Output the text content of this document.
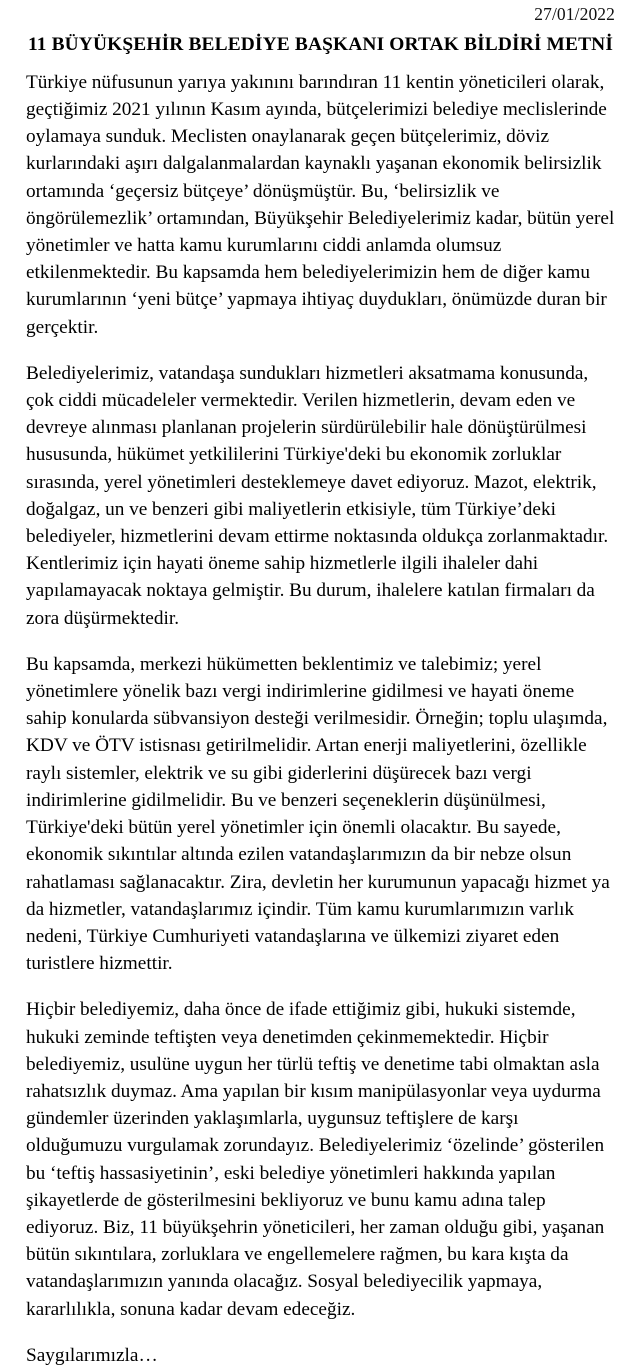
27/01/2022
11 BÜYÜKŞEHİR BELEDİYE BAŞKANI ORTAK BİLDİRİ METNİ

Türkiye nüfusunun yarıya yakınını barındıran 11 kentin yöneticileri olarak, geçtiğimiz 2021 yılının Kasım ayında, bütçelerimizi belediye meclislerinde oylamaya sunduk. Meclisten onaylanarak geçen bütçelerimiz, döviz kurlarındaki aşırı dalgalanmalardan kaynaklı yaşanan ekonomik belirsizlik ortamında ‘geçersiz bütçeye’ dönüşmüştür. Bu, ‘belirsizlik ve öngörülemezlik’ ortamından, Büyükşehir Belediyelerimiz kadar, bütün yerel yönetimler ve hatta kamu kurumlarını ciddi anlamda olumsuz etkilenmektedir. Bu kapsamda hem belediyelerimizin hem de diğer kamu kurumlarının ‘yeni bütçe’ yapmaya ihtiyaç duydukları, önümüzde duran bir gerçektir.

Belediyelerimiz, vatandaşa sundukları hizmetleri aksatmama konusunda, çok ciddi mücadeleler vermektedir. Verilen hizmetlerin, devam eden ve devreye alınması planlanan projelerin sürdürülebilir hale dönüştürülmesi hususunda, hükümet yetkililerini Türkiye'deki bu ekonomik zorluklar sırasında, yerel yönetimleri desteklemeye davet ediyoruz. Mazot, elektrik, doğalgaz, un ve benzeri gibi maliyetlerin etkisiyle, tüm Türkiye’deki belediyeler, hizmetlerini devam ettirme noktasında oldukça zorlanmaktadır. Kentlerimiz için hayati öneme sahip hizmetlerle ilgili ihaleler dahi yapılamayacak noktaya gelmiştir. Bu durum, ihalelere katılan firmaları da zora düşürmektedir.

Bu kapsamda, merkezi hükümetten beklentimiz ve talebimiz; yerel yönetimlere yönelik bazı vergi indirimlerine gidilmesi ve hayati öneme sahip konularda sübvansiyon desteği verilmesidir. Örneğin; toplu ulaşımda, KDV ve ÖTV istisnası getirilmelidir. Artan enerji maliyetlerini, özellikle raylı sistemler, elektrik ve su gibi giderlerini düşürecek bazı vergi indirimlerine gidilmelidir. Bu ve benzeri seçeneklerin düşünülmesi, Türkiye'deki bütün yerel yönetimler için önemli olacaktır. Bu sayede, ekonomik sıkıntılar altında ezilen vatandaşlarımızın da bir nebze olsun rahatlaması sağlanacaktır. Zira, devletin her kurumunun yapacağı hizmet ya da hizmetler, vatandaşlarımız içindir. Tüm kamu kurumlarımızın varlık nedeni, Türkiye Cumhuriyeti vatandaşlarına ve ülkemizi ziyaret eden turistlere hizmettir.

Hiçbir belediyemiz, daha önce de ifade ettiğimiz gibi, hukuki sistemde, hukuki zeminde teftişten veya denetimden çekinmemektedir. Hiçbir belediyemiz, usulüne uygun her türlü teftiş ve denetime tabi olmaktan asla rahatsızlık duymaz. Ama yapılan bir kısım manipülasyonlar veya uydurma gündemler üzerinden yaklaşımlarla, uygunsuz teftişlere de karşı olduğumuzu vurgulamak zorundayız. Belediyelerimiz ‘özelinde’ gösterilen bu ‘teftiş hassasiyetinin’, eski belediye yönetimleri hakkında yapılan şikayetlerde de gösterilmesini bekliyoruz ve bunu kamu adına talep ediyoruz. Biz, 11 büyükşehrin yöneticileri, her zaman olduğu gibi, yaşanan bütün sıkıntılara, zorluklara ve engellemelere rağmen, bu kara kışta da vatandaşlarımızın yanında olacağız. Sosyal belediyecilik yapmaya, kararlılıkla, sonuna kadar devam edeceğiz.

Saygılarımızla…
